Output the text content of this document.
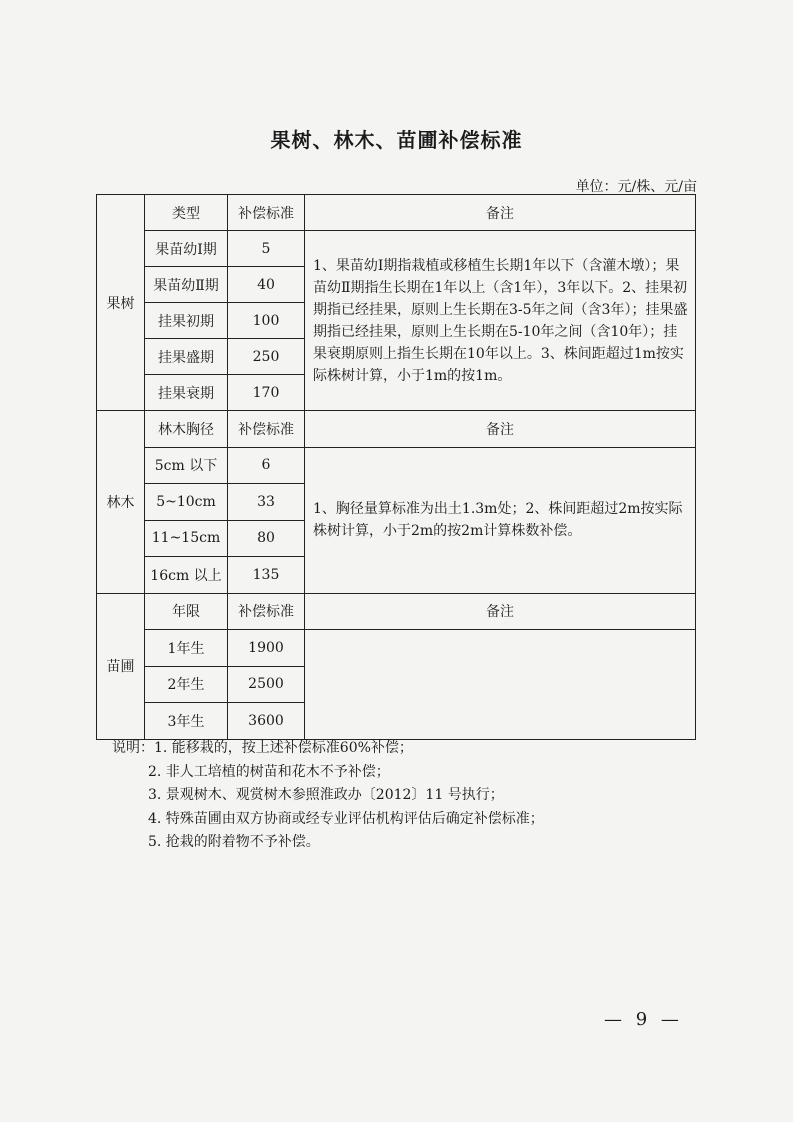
果树、林木、苗圃补偿标准
单位：元/株、元/亩
果树	类型	补偿标准	备注
	果苗幼Ⅰ期	5	1、果苗幼Ⅰ期指栽植或移植生长期1年以下（含灌木墩）；果苗幼Ⅱ期指生长期在1年以上（含1年），3年以下。2、挂果初期指已经挂果，原则上生长期在3-5年之间（含3年）；挂果盛期指已经挂果，原则上生长期在5-10年之间（含10年）；挂果衰期原则上指生长期在10年以上。3、株间距超过1m按实际株树计算，小于1m的按1m。
	果苗幼Ⅱ期	40	
	挂果初期	100	
	挂果盛期	250	
	挂果衰期	170	
林木	林木胸径	补偿标准	备注
	5cm 以下	6	1、胸径量算标准为出土1.3m处；2、株间距超过2m按实际株树计算，小于2m的按2m计算株数补偿。
	5~10cm	33	
	11~15cm	80	
	16cm 以上	135	
苗圃	年限	补偿标准	备注
	1年生	1900	
	2年生	2500	
	3年生	3600	
说明：1. 能移栽的，按上述补偿标准60%补偿；
2. 非人工培植的树苗和花木不予补偿；
3. 景观树木、观赏树木参照淮政办〔2012〕11 号执行；
4. 特殊苗圃由双方协商或经专业评估机构评估后确定补偿标准；
5. 抢栽的附着物不予补偿。
— 9 —
